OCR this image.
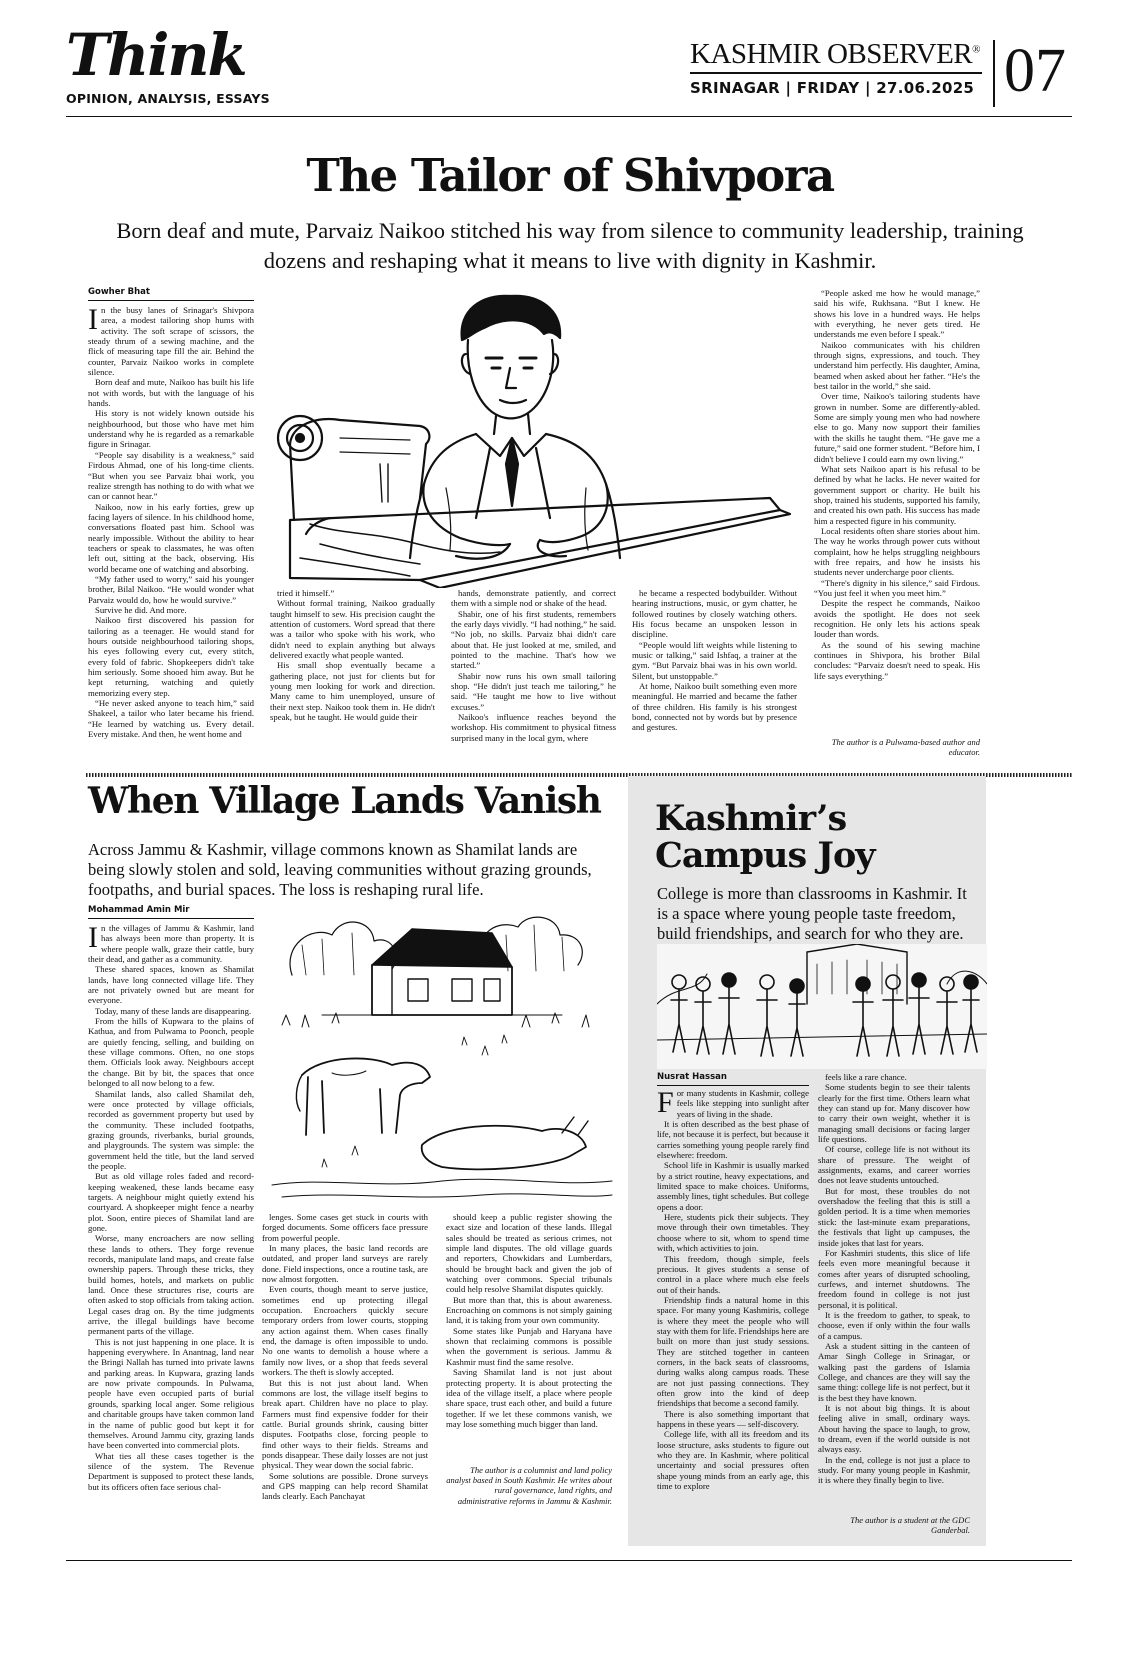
Think
OPINION, ANALYSIS, ESSAYS
KASHMIR OBSERVER®
SRINAGAR | FRIDAY | 27.06.2025 07
The Tailor of Shivpora
Born deaf and mute, Parvaiz Naikoo stitched his way from silence to community leadership, training dozens and reshaping what it means to live with dignity in Kashmir.
Gowher Bhat

In the busy lanes of Srinagar's Shivpora area, a modest tailoring shop hums with activity. The soft scrape of scissors, the steady thrum of a sewing machine, and the flick of measuring tape fill the air. Behind the counter, Parvaiz Naikoo works in complete silence.

Born deaf and mute, Naikoo has built his life not with words, but with the language of his hands.

His story is not widely known outside his neighbourhood, but those who have met him understand why he is regarded as a remarkable figure in Srinagar.

“People say disability is a weakness,” said Firdous Ahmad, one of his long-time clients. “But when you see Parvaiz bhai work, you realize strength has nothing to do with what we can or cannot hear.”

Naikoo, now in his early forties, grew up facing layers of silence. In his childhood home, conversations floated past him. School was nearly impossible. Without the ability to hear teachers or speak to classmates, he was often left out, sitting at the back, observing. His world became one of watching and absorbing.

“My father used to worry,” said his younger brother, Bilal Naikoo. “He would wonder what Parvaiz would do, how he would survive.”

Survive he did. And more.

Naikoo first discovered his passion for tailoring as a teenager. He would stand for hours outside neighbourhood tailoring shops, his eyes following every cut, every stitch, every fold of fabric. Shopkeepers didn't take him seriously. Some shooed him away. But he kept returning, watching and quietly memorizing every step.

“He never asked anyone to teach him,” said Shakeel, a tailor who later became his friend. “He learned by watching us. Every detail. Every mistake. And then, he went home and

tried it himself.”

Without formal training, Naikoo gradually taught himself to sew. His precision caught the attention of customers. Word spread that there was a tailor who spoke with his work, who didn't need to explain anything but always delivered exactly what people wanted.

His small shop eventually became a gathering place, not just for clients but for young men looking for work and direction. Many came to him unemployed, unsure of their next step. Naikoo took them in. He didn't speak, but he taught. He would guide their

hands, demonstrate patiently, and correct them with a simple nod or shake of the head.

Shabir, one of his first students, remembers the early days vividly. “I had nothing,” he said. “No job, no skills. Parvaiz bhai didn't care about that. He just looked at me, smiled, and pointed to the machine. That's how we started.”

Shabir now runs his own small tailoring shop. “He didn't just teach me tailoring,” he said. “He taught me how to live without excuses.”

Naikoo's influence reaches beyond the workshop. His commitment to physical fitness surprised many in the local gym, where

he became a respected bodybuilder. Without hearing instructions, music, or gym chatter, he followed routines by closely watching others. His focus became an unspoken lesson in discipline.

“People would lift weights while listening to music or talking,” said Ishfaq, a trainer at the gym. “But Parvaiz bhai was in his own world. Silent, but unstoppable.”

At home, Naikoo built something even more meaningful. He married and became the father of three children. His family is his strongest bond, connected not by words but by presence and gestures.

“People asked me how he would manage,” said his wife, Rukhsana. “But I knew. He shows his love in a hundred ways. He helps with everything, he never gets tired. He understands me even before I speak.”

Naikoo communicates with his children through signs, expressions, and touch. They understand him perfectly. His daughter, Amina, beamed when asked about her father. “He's the best tailor in the world,” she said.

Over time, Naikoo's tailoring students have grown in number. Some are differently-abled. Some are simply young men who had nowhere else to go. Many now support their families with the skills he taught them. “He gave me a future,” said one former student. “Before him, I didn't believe I could earn my own living.”

What sets Naikoo apart is his refusal to be defined by what he lacks. He never waited for government support or charity. He built his shop, trained his students, supported his family, and created his own path. His success has made him a respected figure in his community.

Local residents often share stories about him. The way he works through power cuts without complaint, how he helps struggling neighbours with free repairs, and how he insists his students never undercharge poor clients.

“There's dignity in his silence,” said Firdous. “You just feel it when you meet him.”

Despite the respect he commands, Naikoo avoids the spotlight. He does not seek recognition. He only lets his actions speak louder than words.

As the sound of his sewing machine continues in Shivpora, his brother Bilal concludes: “Parvaiz doesn't need to speak. His life says everything.”

The author is a Pulwama-based author and educator.
When Village Lands Vanish
Across Jammu & Kashmir, village commons known as Shamilat lands are being slowly stolen and sold, leaving communities without grazing grounds, footpaths, and burial spaces. The loss is reshaping rural life.
Mohammad Amin Mir

In the villages of Jammu & Kashmir, land has always been more than property. It is where people walk, graze their cattle, bury their dead, and gather as a community.

These shared spaces, known as Shamilat lands, have long connected village life. They are not privately owned but are meant for everyone.

Today, many of these lands are disappearing.

From the hills of Kupwara to the plains of Kathua, and from Pulwama to Poonch, people are quietly fencing, selling, and building on these village commons. Often, no one stops them. Officials look away. Neighbours accept the change. Bit by bit, the spaces that once belonged to all now belong to a few.

Shamilat lands, also called Shamilat deh, were once protected by village officials, recorded as government property but used by the community. These included footpaths, grazing grounds, riverbanks, burial grounds, and playgrounds. The system was simple: the government held the title, but the land served the people.

But as old village roles faded and record-keeping weakened, these lands became easy targets. A neighbour might quietly extend his courtyard. A shopkeeper might fence a nearby plot. Soon, entire pieces of Shamilat land are gone.

Worse, many encroachers are now selling these lands to others. They forge revenue records, manipulate land maps, and create false ownership papers. Through these tricks, they build homes, hotels, and markets on public land. Once these structures rise, courts are often asked to stop officials from taking action. Legal cases drag on. By the time judgments arrive, the illegal buildings have become permanent parts of the village.

This is not just happening in one place. It is happening everywhere. In Anantnag, land near the Bringi Nallah has turned into private lawns and parking areas. In Kupwara, grazing lands are now private compounds. In Pulwama, people have even occupied parts of burial grounds, sparking local anger. Some religious and charitable groups have taken common land in the name of public good but kept it for themselves. Around Jammu city, grazing lands have been converted into commercial plots.

What ties all these cases together is the silence of the system. The Revenue Department is supposed to protect these lands, but its officers often face serious chal-

lenges. Some cases get stuck in courts with forged documents. Some officers face pressure from powerful people.

In many places, the basic land records are outdated, and proper land surveys are rarely done. Field inspections, once a routine task, are now almost forgotten.

Even courts, though meant to serve justice, sometimes end up protecting illegal occupation. Encroachers quickly secure temporary orders from lower courts, stopping any action against them. When cases finally end, the damage is often impossible to undo. No one wants to demolish a house where a family now lives, or a shop that feeds several workers. The theft is slowly accepted.

But this is not just about land. When commons are lost, the village itself begins to break apart. Children have no place to play. Farmers must find expensive fodder for their cattle. Burial grounds shrink, causing bitter disputes. Footpaths close, forcing people to find other ways to their fields. Streams and ponds disappear. These daily losses are not just physical. They wear down the social fabric.

Some solutions are possible. Drone surveys and GPS mapping can help record Shamilat lands clearly. Each Panchayat

should keep a public register showing the exact size and location of these lands. Illegal sales should be treated as serious crimes, not simple land disputes. The old village guards and reporters, Chowkidars and Lumberdars, should be brought back and given the job of watching over commons. Special tribunals could help resolve Shamilat disputes quickly.

But more than that, this is about awareness. Encroaching on commons is not simply gaining land, it is taking from your own community.

Some states like Punjab and Haryana have shown that reclaiming commons is possible when the government is serious. Jammu & Kashmir must find the same resolve.

Saving Shamilat land is not just about protecting property. It is about protecting the idea of the village itself, a place where people share space, trust each other, and build a future together. If we let these commons vanish, we may lose something much bigger than land.

The author is a columnist and land policy analyst based in South Kashmir. He writes about rural governance, land rights, and administrative reforms in Jammu & Kashmir.
Kashmir’s Campus Joy
College is more than classrooms in Kashmir. It is a space where young people taste freedom, build friendships, and search for who they are.
Nusrat Hassan

For many students in Kashmir, college feels like stepping into sunlight after years of living in the shade.

It is often described as the best phase of life, not because it is perfect, but because it carries something young people rarely find elsewhere: freedom.

School life in Kashmir is usually marked by a strict routine, heavy expectations, and limited space to make choices. Uniforms, assembly lines, tight schedules. But college opens a door.

Here, students pick their subjects. They move through their own timetables. They choose where to sit, whom to spend time with, which activities to join.

This freedom, though simple, feels precious. It gives students a sense of control in a place where much else feels out of their hands.

Friendship finds a natural home in this space. For many young Kashmiris, college is where they meet the people who will stay with them for life. Friendships here are built on more than just study sessions. They are stitched together in canteen corners, in the back seats of classrooms, during walks along campus roads. These are not just passing connections. They often grow into the kind of deep friendships that become a second family.

There is also something important that happens in these years — self-discovery.

College life, with all its freedom and its loose structure, asks students to figure out who they are. In Kashmir, where political uncertainty and social pressures often shape young minds from an early age, this time to explore

feels like a rare chance.

Some students begin to see their talents clearly for the first time. Others learn what they can stand up for. Many discover how to carry their own weight, whether it is managing small decisions or facing larger life questions.

Of course, college life is not without its share of pressure. The weight of assignments, exams, and career worries does not leave students untouched.

But for most, these troubles do not overshadow the feeling that this is still a golden period. It is a time when memories stick: the last-minute exam preparations, the festivals that light up campuses, the inside jokes that last for years.

For Kashmiri students, this slice of life feels even more meaningful because it comes after years of disrupted schooling, curfews, and internet shutdowns. The freedom found in college is not just personal, it is political.

It is the freedom to gather, to speak, to choose, even if only within the four walls of a campus.

Ask a student sitting in the canteen of Amar Singh College in Srinagar, or walking past the gardens of Islamia College, and chances are they will say the same thing: college life is not perfect, but it is the best they have known.

It is not about big things. It is about feeling alive in small, ordinary ways. About having the space to laugh, to grow, to dream, even if the world outside is not always easy.

In the end, college is not just a place to study. For many young people in Kashmir, it is where they finally begin to live.

The author is a student at the GDC Ganderbal.
